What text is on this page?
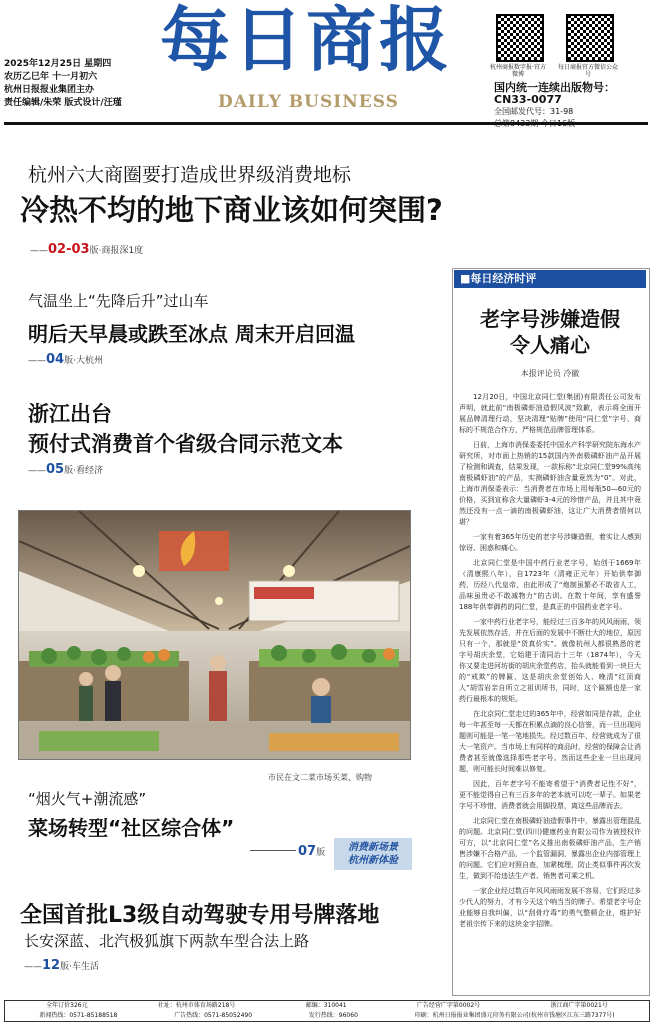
2025年12月25日 星期四
农历乙巳年 十一月初六
杭州日报报业集团主办
责任编辑/朱荣 版式设计/汪瑾
每日商报
DAILY BUSINESS
杭州商报数字报·官方微博
每日商报官方微信公众号
国内统一连续出版物号：CN33-0077
全国邮发代号：31-98
杭州六大商圈要打造成世界级消费地标
冷热不均的地下商业该如何突围?
——02-03版·商报深1度
气温坐上“先降后升”过山车
明后天早晨或跌至冰点 周末开启回温
——04版·大杭州
浙江出台
预付式消费首个省级合同示范文本
——05版·看经济
市民在文二菜市场买菜、购物
“烟火气+潮流感”
菜场转型“社区综合体”
07版	消费新场景
杭州新体验
全国首批L3级自动驾驶专用号牌落地
长安深蓝、北汽极狐旗下两款车型合法上路
——12版·车生活
■每日经济时评
老字号涉嫌造假
令人痛心
本报评论员 冷徽

12月20日，中国北京同仁堂(集团)有限责任公司发布声明，就此前“南极磷虾油造假风波”致歉，表示将全面开展品牌清理行动，坚决清理“贴牌”使用“同仁堂”字号、商标的不规范合作方，严格规范品牌管理体系。

日前，上海市消保委委托中国水产科学研究院东海水产研究所，对市面上热销的15款国内外南极磷虾油产品开展了检测和调查，结果发现，一款标称“北京同仁堂99%高纯南极磷虾油”的产品，实测磷虾油含量竟然为“0”。对此，上海市消保委表示：当消费者在市场上用每瓶50—60元的价格，买到宣称含大量磷虾3-4元的珍惜产品，并且其中竟然还没有一点一滴的南极磷虾油，这让广大消费者情何以堪？

一家有着365年历史的老字号涉嫌造假，着实让人感到惊讶、困惑和痛心。

北京同仁堂是中国中药行业老字号，始创于1669年（清康熙八年），自1723年（清雍正元年）开始供奉御药，历经八代皇帝，由此形成了“炮制虽繁必不敢省人工，品味虽贵必不敢减物力”的古训。在数十年间，享有盛誉188年供奉御药的同仁堂，是真正的中国药业老字号。

一家中药行业老字号，能经过三百多年的风风雨雨，领先发展依然存活，并在后面的发展中不断壮大的地位，原因只有一个，那就是“货真价实”。就像杭州人都很熟悉的老字号胡庆余堂，它始建于清同治十三年（1874年），今天你又要走进河坊街的胡庆余堂药店，抬头就能看到一块巨大的“戒欺”的牌匾，这是胡庆余堂创始人、晚清“红顶商人”胡雪岩亲自所立之祖训所书，同时，这个匾额也是一家药行最根本的规矩。

在北京同仁堂走过的365年中，经营如同是存款，企业每一年甚至每一天都在积累点滴的良心信誉，而一旦出现问题则可能是一笔一笔地损失。经过数百年，经营就成为了很大一笔资产。当市场上有同样的商品时，经营的保障会让消费者甚至就像选择那些老字号。然而这些企业一旦出现问题，则可能长时间难以修复。

因此，百年老字号不能寄希望于“消费者记性不好”，更不能觉得自己有三百多年的老本就可以吃一辈子。如果老字号不珍惜，消费者就会用脚投票，离这些品牌而去。

北京同仁堂在南极磷虾油造假事件中，暴露出管理混乱的问题。北京同仁堂(四川)健康药业有限公司作为被授权许可方，以“北京同仁堂”名义推出南极磷虾油产品，生产销售涉嫌不合格产品，一个监管漏洞，暴露出企业内部管理上的问题。它们应对照自查，加紧梳理，防止类似事件再次发生，做到不给违法生产者、销售者可乘之机。

一家企业经过数百年风风雨雨发展不容易，它们经过多少代人的努力，才有今天这个响当当的牌子。希望老字号企业能够自我纠偏，以“刮骨疗毒”的勇气整顿企业，维护好老祖宗传下来的这块金字招牌。

全年订价326元	社址：杭州市体育场路218号	邮编：310041	广告经营广字第0002号	浙江商广字第0021号
新闻热线：0571-85188518	广告热线：0571-85052490	发行热线：96060	印刷：杭州日报报业集团盛元印务有限公司(杭州市钱塘区江东三路7377号)
